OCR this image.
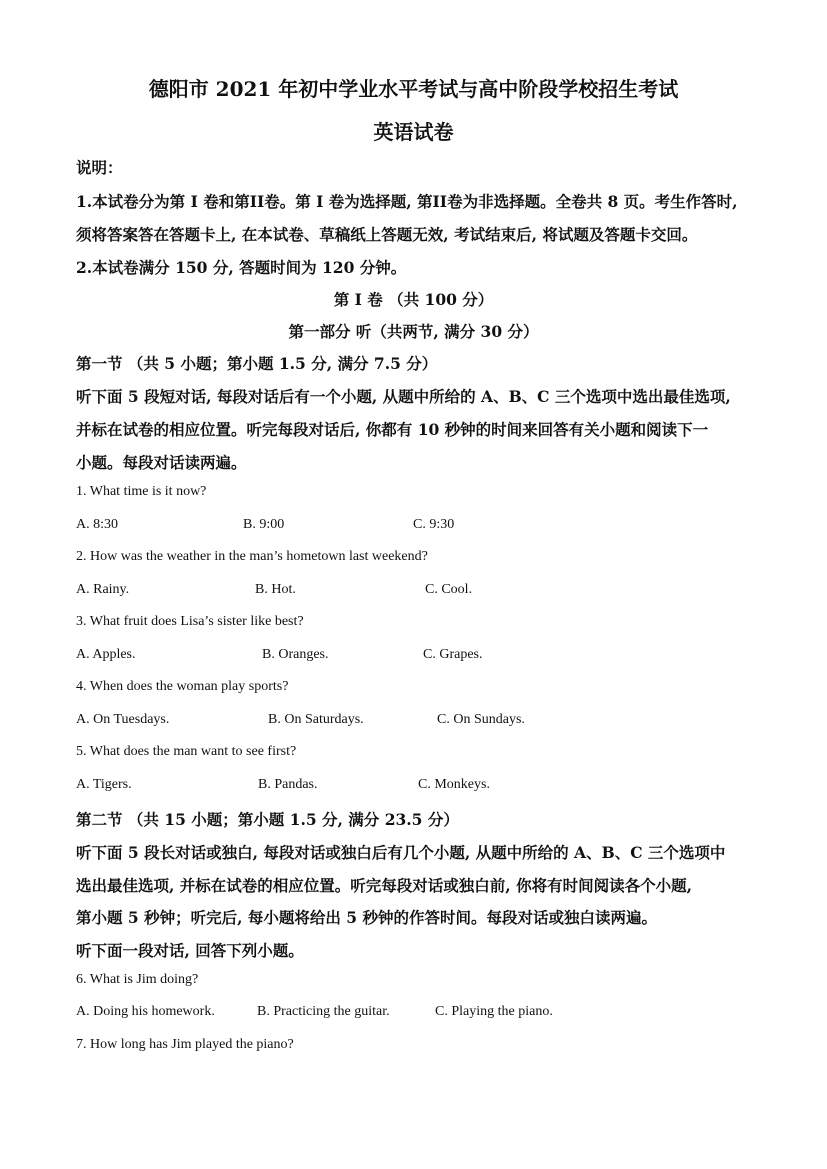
德阳市 2021 年初中学业水平考试与高中阶段学校招生考试
英语试卷
说明：
1.本试卷分为第 I 卷和第II卷。第 I 卷为选择题, 第II卷为非选择题。全卷共 8 页。考生作答时,
须将答案答在答题卡上, 在本试卷、草稿纸上答题无效, 考试结束后, 将试题及答题卡交回。
2.本试卷满分 150 分, 答题时间为 120 分钟。
第 I 卷 （共 100 分）
第一部分 听（共两节, 满分 30 分）
第一节 （共 5 小题；第小题 1.5 分, 满分 7.5 分）
听下面 5 段短对话, 每段对话后有一个小题, 从题中所给的 A、B、C 三个选项中选出最佳选项,
并标在试卷的相应位置。听完每段对话后, 你都有 10 秒钟的时间来回答有关小题和阅读下一
小题。每段对话读两遍。
1. What time is it now?
A. 8:30	B. 9:00	C. 9:30
2. How was the weather in the man’s hometown last weekend?
A. Rainy.	B. Hot.	C. Cool.
3. What fruit does Lisa’s sister like best?
A. Apples.	B. Oranges.	C. Grapes.
4. When does the woman play sports?
A. On Tuesdays.	B. On Saturdays.	C. On Sundays.
5. What does the man want to see first?
A. Tigers.	B. Pandas.	C. Monkeys.
第二节 （共 15 小题；第小题 1.5 分, 满分 23.5 分）
听下面 5 段长对话或独白, 每段对话或独白后有几个小题, 从题中所给的 A、B、C 三个选项中
选出最佳选项, 并标在试卷的相应位置。听完每段对话或独白前, 你将有时间阅读各个小题,
第小题 5 秒钟；听完后, 每小题将给出 5 秒钟的作答时间。每段对话或独白读两遍。
听下面一段对话, 回答下列小题。
6. What is Jim doing?
A. Doing his homework.	B. Practicing the guitar.	C. Playing the piano.
7. How long has Jim played the piano?
